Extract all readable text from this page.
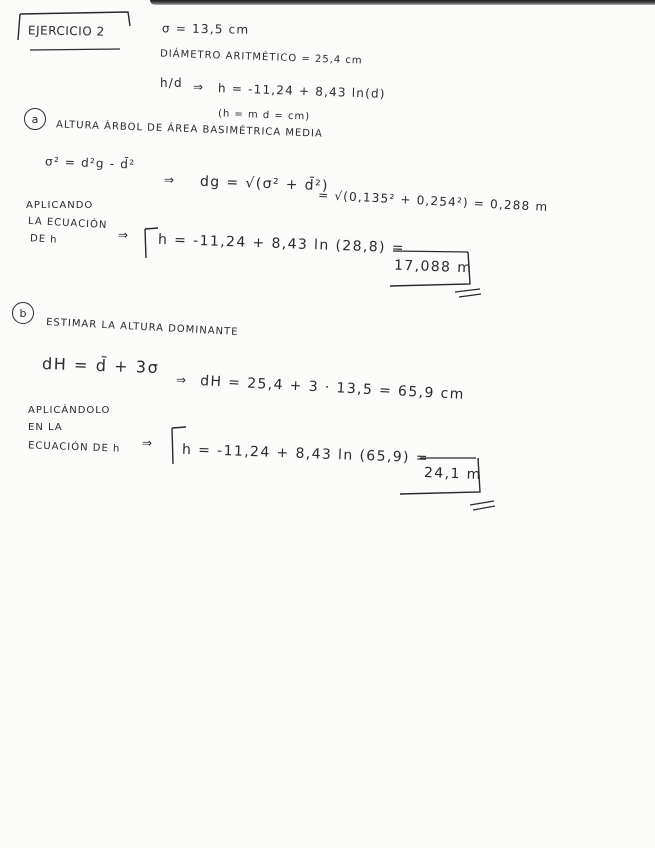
EJERCICIO 2	σ = 13,5 cm
DIÁMETRO ARITMÉTICO = 25,4 cm
h/d ⇒ h = -11,24 + 8,43 ln(d)
(h = m d = cm)
a
ALTURA ÁRBOL DE ÁREA BASIMÉTRICA MEDIA
σ² = d²g - d̄²
⇒ dg = √(σ² + d̄²)
= √(0,135² + 0,254²) = 0,288 m
APLICANDO
LA ECUACIÓN
DE h	⇒ h = -11,24 + 8,43 ln (28,8) =
17,088 m
b
ESTIMAR LA ALTURA DOMINANTE
dH = d̄ + 3σ
⇒ dH = 25,4 + 3 · 13,5 = 65,9 cm
APLICÁNDOLO
EN LA
ECUACIÓN DE h ⇒ h = -11,24 + 8,43 ln (65,9) =
24,1 m
